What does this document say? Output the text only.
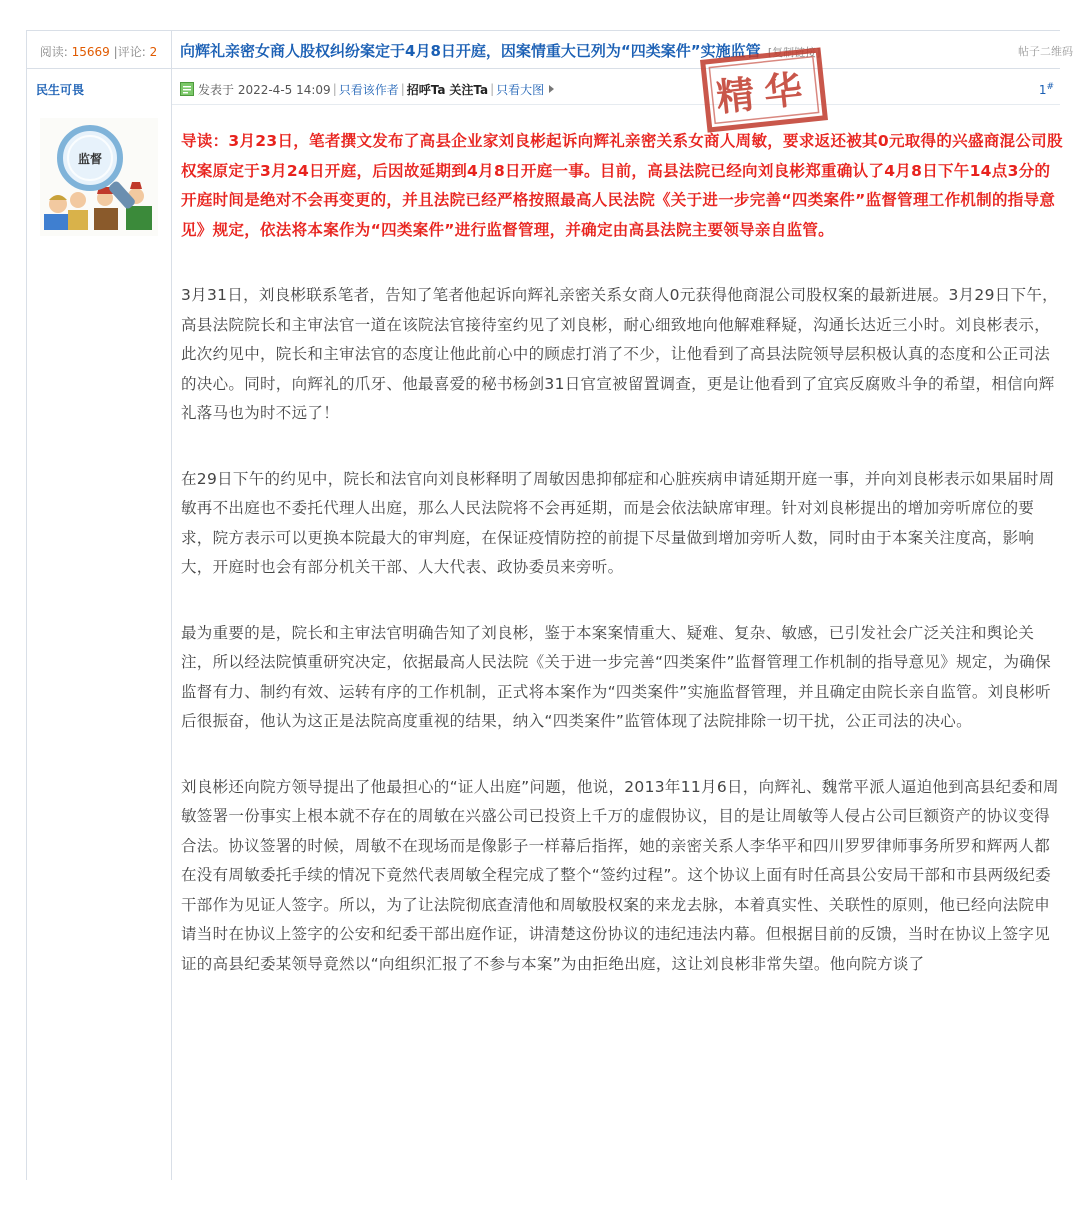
阅读: 15669 |评论: 2	向辉礼亲密女商人股权纠纷案定于4月8日开庭，因案情重大已列为“四类案件”实施监管 [复制链接]	帖子二维码
民生可畏
监督
发表于 2022-4-5 14:09 | 只看该作者 | 招呼Ta
关注Ta | 只看大图	1#
精华

导读：3月23日，笔者撰文发布了高县企业家刘良彬起诉向辉礼亲密关系女商人周敏，要求返还被其0元取得的兴盛商混公司股权案原定于3月24日开庭，后因故延期到4月8日开庭一事。目前，高县法院已经向刘良彬郑重确认了4月8日下午14点3分的开庭时间是绝对不会再变更的，并且法院已经严格按照最高人民法院《关于进一步完善“四类案件”监督管理工作机制的指导意见》规定，依法将本案作为“四类案件”进行监督管理，并确定由高县法院主要领导亲自监管。

3月31日，刘良彬联系笔者，告知了笔者他起诉向辉礼亲密关系女商人0元获得他商混公司股权案的最新进展。3月29日下午，高县法院院长和主审法官一道在该院法官接待室约见了刘良彬，耐心细致地向他解难释疑，沟通长达近三小时。刘良彬表示，此次约见中，院长和主审法官的态度让他此前心中的顾虑打消了不少，让他看到了高县法院领导层积极认真的态度和公正司法的决心。同时，向辉礼的爪牙、他最喜爱的秘书杨剑31日官宣被留置调查，更是让他看到了宜宾反腐败斗争的希望，相信向辉礼落马也为时不远了！

在29日下午的约见中，院长和法官向刘良彬释明了周敏因患抑郁症和心脏疾病申请延期开庭一事，并向刘良彬表示如果届时周敏再不出庭也不委托代理人出庭，那么人民法院将不会再延期，而是会依法缺席审理。针对刘良彬提出的增加旁听席位的要求，院方表示可以更换本院最大的审判庭，在保证疫情防控的前提下尽量做到增加旁听人数，同时由于本案关注度高，影响大，开庭时也会有部分机关干部、人大代表、政协委员来旁听。

最为重要的是，院长和主审法官明确告知了刘良彬，鉴于本案案情重大、疑难、复杂、敏感，已引发社会广泛关注和舆论关注，所以经法院慎重研究决定，依据最高人民法院《关于进一步完善“四类案件”监督管理工作机制的指导意见》规定，为确保监督有力、制约有效、运转有序的工作机制，正式将本案作为“四类案件”实施监督管理，并且确定由院长亲自监管。刘良彬听后很振奋，他认为这正是法院高度重视的结果，纳入“四类案件”监管体现了法院排除一切干扰，公正司法的决心。

刘良彬还向院方领导提出了他最担心的“证人出庭”问题，他说，2013年11月6日，向辉礼、魏常平派人逼迫他到高县纪委和周敏签署一份事实上根本就不存在的周敏在兴盛公司已投资上千万的虚假协议，目的是让周敏等人侵占公司巨额资产的协议变得合法。协议签署的时候，周敏不在现场而是像影子一样幕后指挥，她的亲密关系人李华平和四川罗罗律师事务所罗和辉两人都在没有周敏委托手续的情况下竟然代表周敏全程完成了整个“签约过程”。这个协议上面有时任高县公安局干部和市县两级纪委干部作为见证人签字。所以，为了让法院彻底查清他和周敏股权案的来龙去脉，本着真实性、关联性的原则，他已经向法院申请当时在协议上签字的公安和纪委干部出庭作证，讲清楚这份协议的违纪违法内幕。但根据目前的反馈，当时在协议上签字见证的高县纪委某领导竟然以“向组织汇报了不参与本案”为由拒绝出庭，这让刘良彬非常失望。他向院方谈了
